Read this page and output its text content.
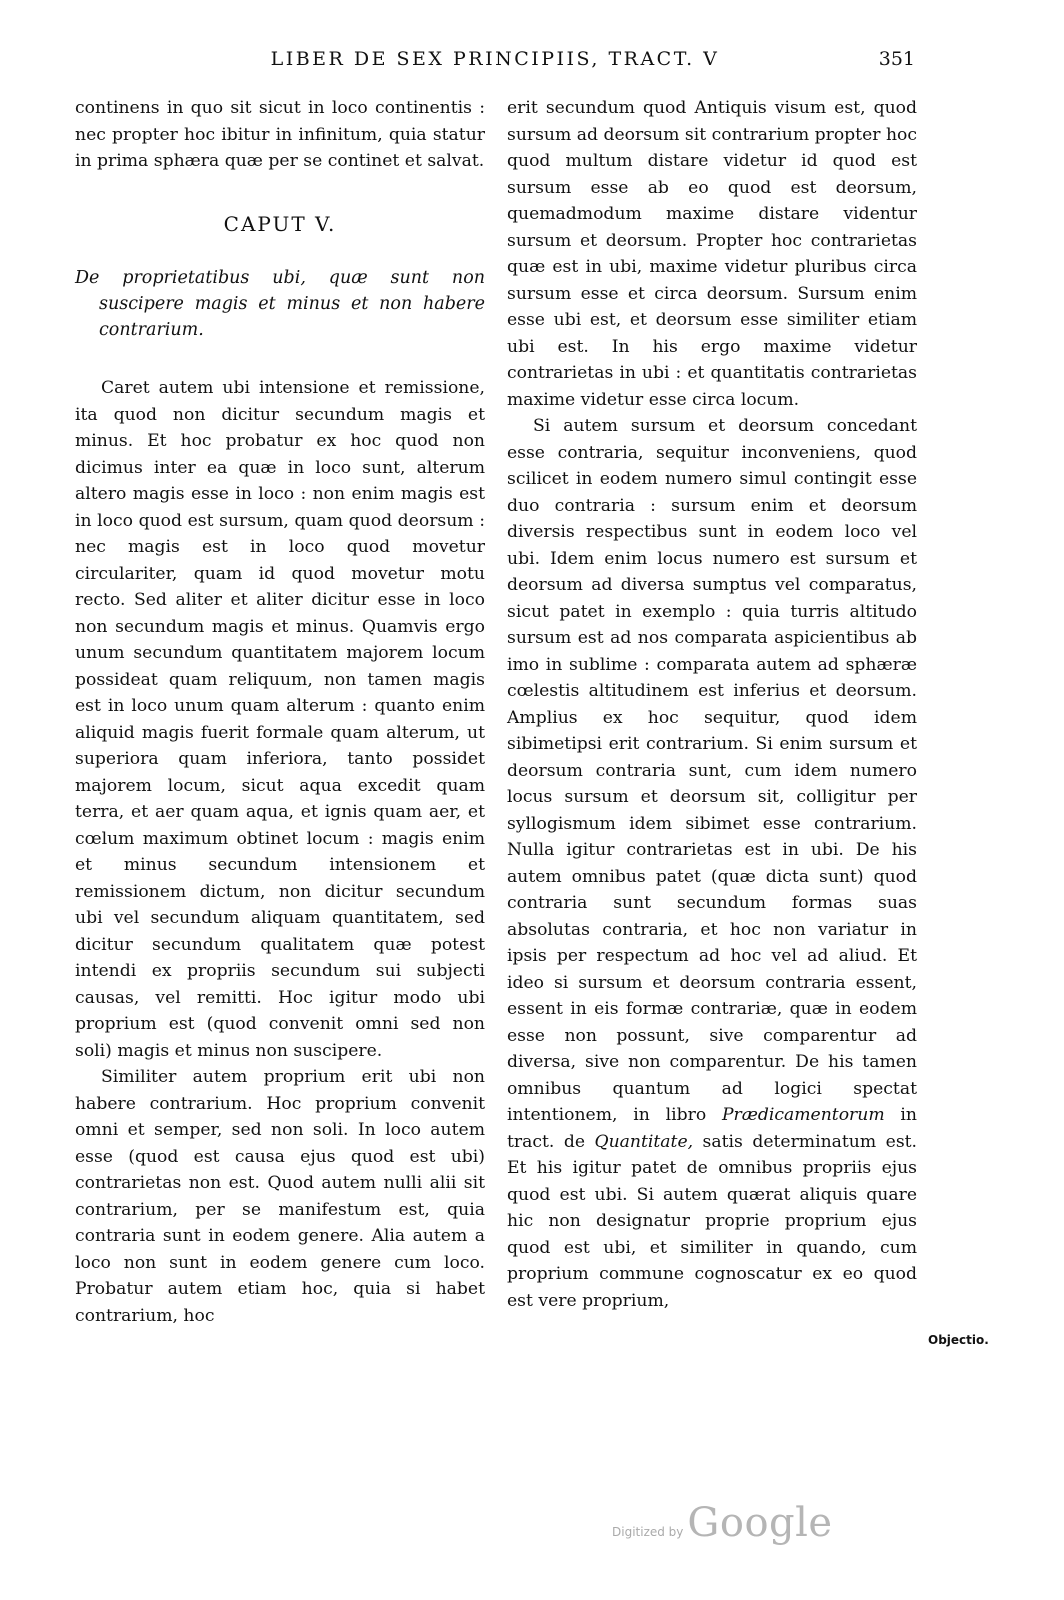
LIBER DE SEX PRINCIPIIS, TRACT. V	351

continens in quo sit sicut in loco continentis : nec propter hoc ibitur in infinitum, quia statur in prima sphæra quæ per se continet et salvat.

CAPUT V.

De proprietatibus ubi, quæ sunt non suscipere magis et minus et non habere contrarium.

Caret autem ubi intensione et remissione, ita quod non dicitur secundum magis et minus. Et hoc probatur ex hoc quod non dicimus inter ea quæ in loco sunt, alterum altero magis esse in loco : non enim magis est in loco quod est sursum, quam quod deorsum : nec magis est in loco quod movetur circulariter, quam id quod movetur motu recto. Sed aliter et aliter dicitur esse in loco non secundum magis et minus. Quamvis ergo unum secundum quantitatem majorem locum possideat quam reliquum, non tamen magis est in loco unum quam alterum : quanto enim aliquid magis fuerit formale quam alterum, ut superiora quam inferiora, tanto possidet majorem locum, sicut aqua excedit quam terra, et aer quam aqua, et ignis quam aer, et cœlum maximum obtinet locum : magis enim et minus secundum intensionem et remissionem dictum, non dicitur secundum ubi vel secundum aliquam quantitatem, sed dicitur secundum qualitatem quæ potest intendi ex propriis secundum sui subjecti causas, vel remitti. Hoc igitur modo ubi proprium est (quod convenit omni sed non soli) magis et minus non suscipere.

Similiter autem proprium erit ubi non habere contrarium. Hoc proprium convenit omni et semper, sed non soli. In loco autem esse (quod est causa ejus quod est ubi) contrarietas non est. Quod autem nulli alii sit contrarium, per se manifestum est, quia contraria sunt in eodem genere. Alia autem a loco non sunt in eodem genere cum loco. Probatur autem etiam hoc, quia si habet contrarium, hoc

erit secundum quod Antiquis visum est, quod sursum ad deorsum sit contrarium propter hoc quod multum distare videtur id quod est sursum esse ab eo quod est deorsum, quemadmodum maxime distare videntur sursum et deorsum. Propter hoc contrarietas quæ est in ubi, maxime videtur pluribus circa sursum esse et circa deorsum. Sursum enim esse ubi est, et deorsum esse similiter etiam ubi est. In his ergo maxime videtur contrarietas in ubi : et quantitatis contrarietas maxime videtur esse circa locum.

Si autem sursum et deorsum concedant esse contraria, sequitur inconveniens, quod scilicet in eodem numero simul contingit esse duo contraria : sursum enim et deorsum diversis respectibus sunt in eodem loco vel ubi. Idem enim locus numero est sursum et deorsum ad diversa sumptus vel comparatus, sicut patet in exemplo : quia turris altitudo sursum est ad nos comparata aspicientibus ab imo in sublime : comparata autem ad sphæræ cœlestis altitudinem est inferius et deorsum. Amplius ex hoc sequitur, quod idem sibimetipsi erit contrarium. Si enim sursum et deorsum contraria sunt, cum idem numero locus sursum et deorsum sit, colligitur per syllogismum idem sibimet esse contrarium. Nulla igitur contrarietas est in ubi. De his autem omnibus patet (quæ dicta sunt) quod contraria sunt secundum formas suas absolutas contraria, et hoc non variatur in ipsis per respectum ad hoc vel ad aliud. Et ideo si sursum et deorsum contraria essent, essent in eis formæ contrariæ, quæ in eodem esse non possunt, sive comparentur ad diversa, sive non comparentur. De his tamen omnibus quantum ad logici spectat intentionem, in libro Prædicamentorum in tract. de Quantitate, satis determinatum est. Et his igitur patet de omnibus propriis ejus quod est ubi. Si autem quærat aliquis quare hic non designatur proprie proprium ejus quod est ubi, et similiter in quando, cum proprium commune cognoscatur ex eo quod est vere proprium,

Objectio.
Digitized by Google
